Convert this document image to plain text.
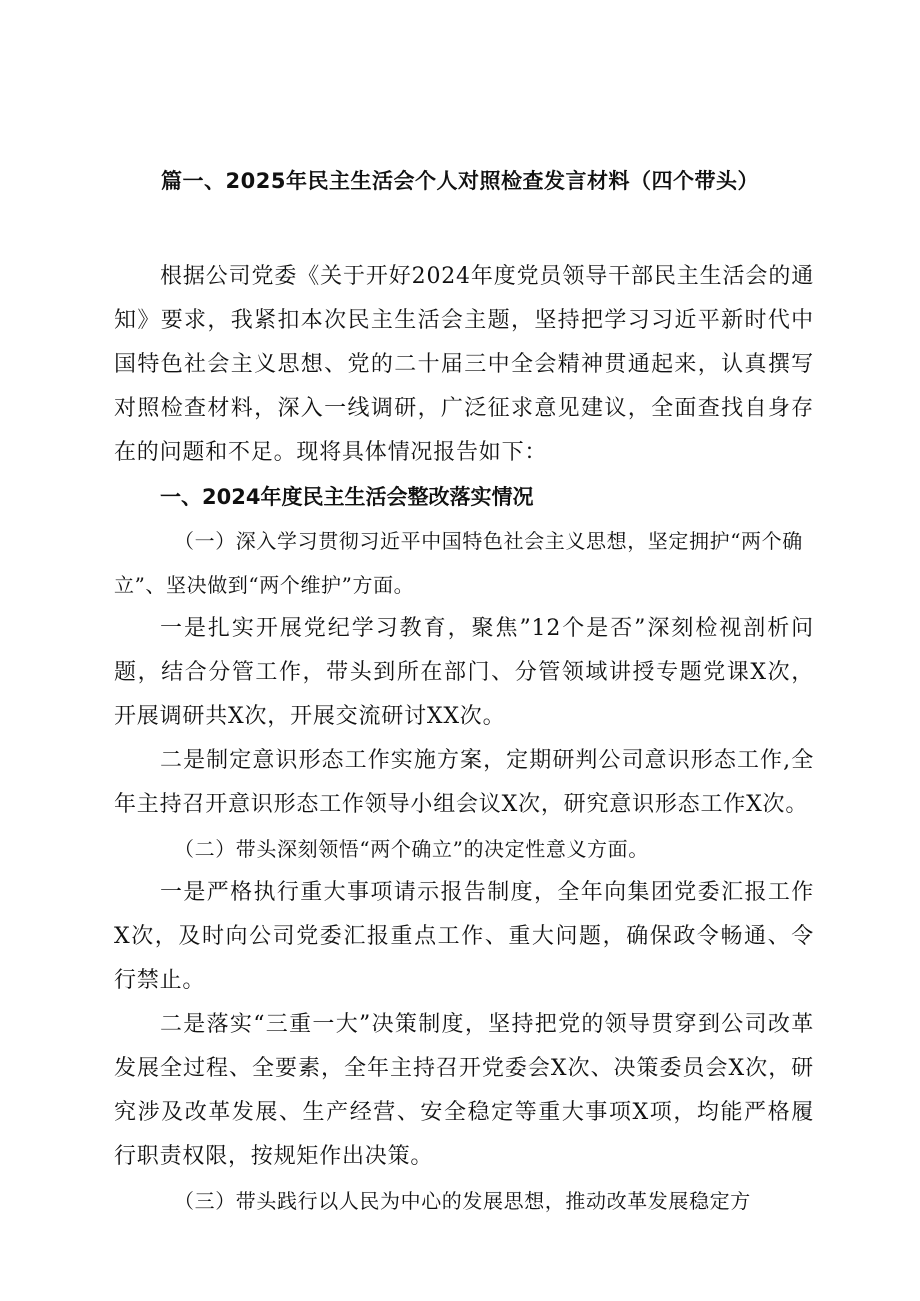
篇一、2025年民主生活会个人对照检查发言材料（四个带头）

根据公司党委《关于开好2024年度党员领导干部民主生活会的通知》要求，我紧扣本次民主生活会主题，坚持把学习习近平新时代中国特色社会主义思想、党的二十届三中全会精神贯通起来，认真撰写对照检查材料，深入一线调研，广泛征求意见建议，全面查找自身存在的问题和不足。现将具体情况报告如下：

一、2024年度民主生活会整改落实情况

（一）深入学习贯彻习近平中国特色社会主义思想，坚定拥护“两个确立”、坚决做到“两个维护”方面。

一是扎实开展党纪学习教育，聚焦”12个是否”深刻检视剖析问题，结合分管工作，带头到所在部门、分管领域讲授专题党课X次，开展调研共X次，开展交流研讨XX次。

二是制定意识形态工作实施方案，定期研判公司意识形态工作,全年主持召开意识形态工作领导小组会议X次，研究意识形态工作X次。

（二）带头深刻领悟“两个确立”的决定性意义方面。

一是严格执行重大事项请示报告制度，全年向集团党委汇报工作X次，及时向公司党委汇报重点工作、重大问题，确保政令畅通、令行禁止。

二是落实“三重一大”决策制度，坚持把党的领导贯穿到公司改革发展全过程、全要素，全年主持召开党委会X次、决策委员会X次，研究涉及改革发展、生产经营、安全稳定等重大事项X项，均能严格履行职责权限，按规矩作出决策。

（三）带头践行以人民为中心的发展思想，推动改革发展稳定方
